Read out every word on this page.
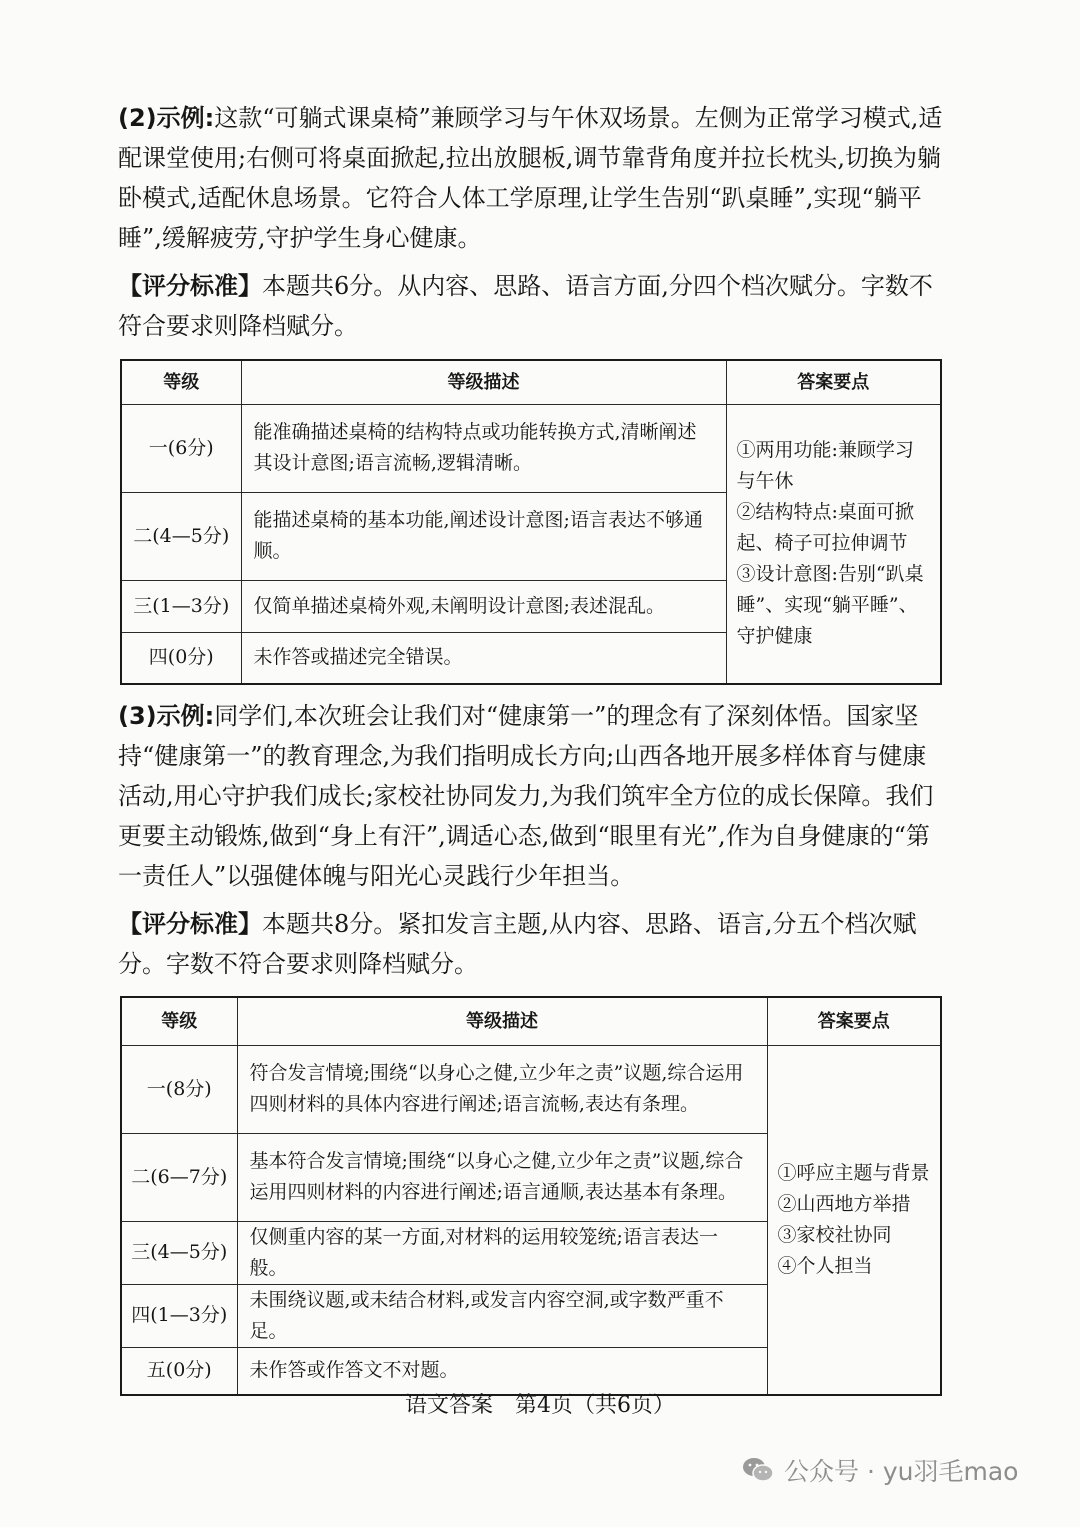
(2)示例:这款“可躺式课桌椅”兼顾学习与午休双场景。左侧为正常学习模式,适配课堂使用;右侧可将桌面掀起,拉出放腿板,调节靠背角度并拉长枕头,切换为躺卧模式,适配休息场景。它符合人体工学原理,让学生告别“趴桌睡”,实现“躺平睡”,缓解疲劳,守护学生身心健康。

【评分标准】本题共6分。从内容、思路、语言方面,分四个档次赋分。字数不符合要求则降档赋分。

等级	等级描述	答案要点
一(6分)	能准确描述桌椅的结构特点或功能转换方式,清晰阐述其设计意图;语言流畅,逻辑清晰。	①两用功能:兼顾学习与午休
②结构特点:桌面可掀起、椅子可拉伸调节
③设计意图:告别“趴桌睡”、实现“躺平睡”、守护健康

二(4—5分)	能描述桌椅的基本功能,阐述设计意图;语言表达不够通顺。	
三(1—3分)	仅简单描述桌椅外观,未阐明设计意图;表述混乱。	
四(0分)	未作答或描述完全错误。	

(3)示例:同学们,本次班会让我们对“健康第一”的理念有了深刻体悟。国家坚持“健康第一”的教育理念,为我们指明成长方向;山西各地开展多样体育与健康活动,用心守护我们成长;家校社协同发力,为我们筑牢全方位的成长保障。我们更要主动锻炼,做到“身上有汗”,调适心态,做到“眼里有光”,作为自身健康的“第一责任人”以强健体魄与阳光心灵践行少年担当。

【评分标准】本题共8分。紧扣发言主题,从内容、思路、语言,分五个档次赋分。字数不符合要求则降档赋分。

等级	等级描述	答案要点
一(8分)	符合发言情境;围绕“以身心之健,立少年之责”议题,综合运用四则材料的具体内容进行阐述;语言流畅,表达有条理。	①呼应主题与背景
②山西地方举措
③家校社协同
④个人担当

二(6—7分)	基本符合发言情境;围绕“以身心之健,立少年之责”议题,综合运用四则材料的内容进行阐述;语言通顺,表达基本有条理。	
三(4—5分)	仅侧重内容的某一方面,对材料的运用较笼统;语言表达一般。	
四(1—3分)	未围绕议题,或未结合材料,或发言内容空洞,或字数严重不足。	
五(0分)	未作答或作答文不对题。	
语文答案　第4页（共6页）
公众号 · yu羽毛mao
